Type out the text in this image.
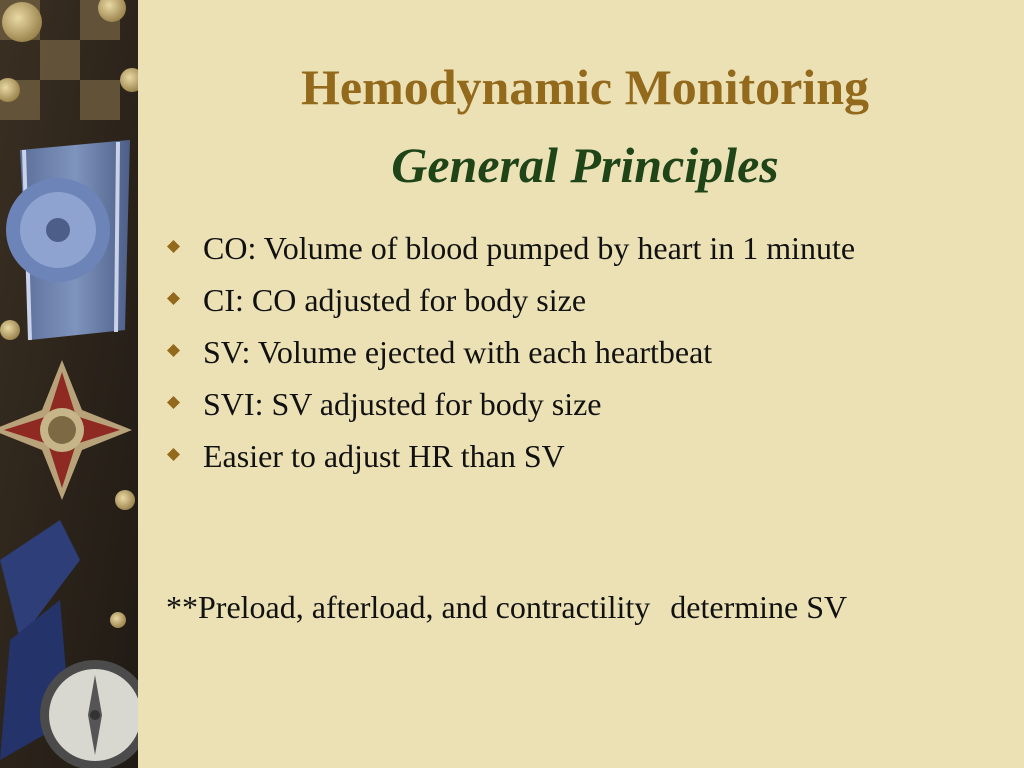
Hemodynamic Monitoring
General Principles
CO: Volume of blood pumped by heart in 1 minute
CI: CO adjusted for body size
SV: Volume ejected with each heartbeat
SVI: SV adjusted for body size
Easier to adjust HR than SV

**Preload, afterload, and contractility determine SV
